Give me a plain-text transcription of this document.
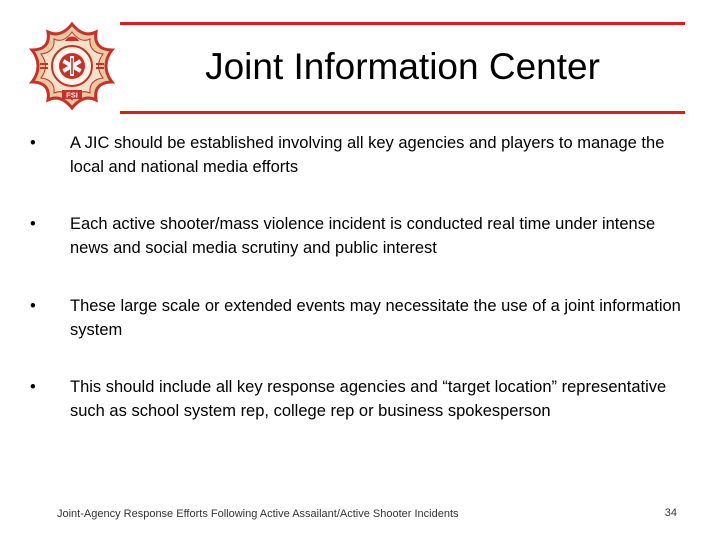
FSI
Joint Information Center
•	A JIC should be established involving all key agencies and players to manage the local and national media efforts
•	Each active shooter/mass violence incident is conducted real time under intense news and social media scrutiny and public interest
•	These large scale or extended events may necessitate the use of a joint information system
•	This should include all key response agencies and “target location” representative such as school system rep, college rep or business spokesperson
Joint-Agency Response Efforts Following Active Assailant/Active Shooter Incidents	34
